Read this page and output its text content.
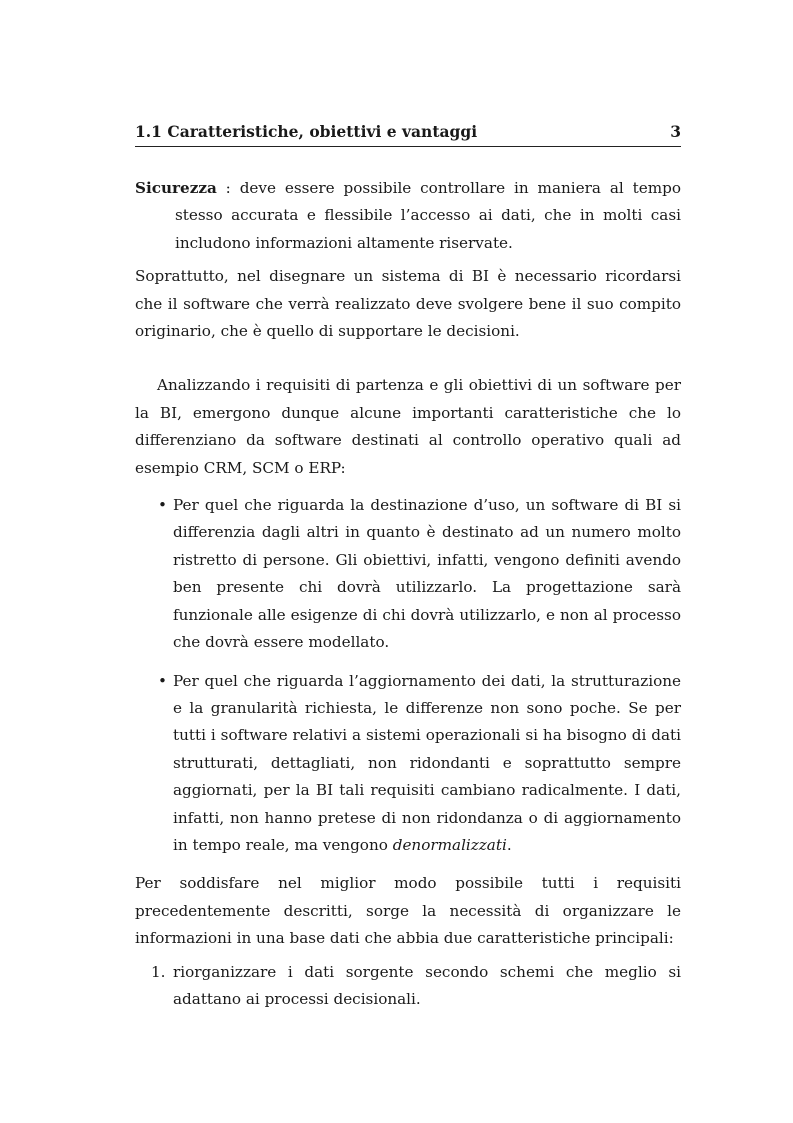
1.1 Caratteristiche, obiettivi e vantaggi	3
Sicurezza : deve essere possibile controllare in maniera al tempo stesso accurata e flessibile l’accesso ai dati, che in molti casi includono informazioni altamente riservate.

Soprattutto, nel disegnare un sistema di BI è necessario ricordarsi che il software che verrà realizzato deve svolgere bene il suo compito originario, che è quello di supportare le decisioni.

Analizzando i requisiti di partenza e gli obiettivi di un software per la BI, emergono dunque alcune importanti caratteristiche che lo differenziano da software destinati al controllo operativo quali ad esempio CRM, SCM o ERP:

• Per quel che riguarda la destinazione d’uso, un software di BI si differenzia dagli altri in quanto è destinato ad un numero molto ristretto di persone. Gli obiettivi, infatti, vengono definiti avendo ben presente chi dovrà utilizzarlo. La progettazione sarà funzionale alle esigenze di chi dovrà utilizzarlo, e non al processo che dovrà essere modellato.
• Per quel che riguarda l’aggiornamento dei dati, la strutturazione e la granularità richiesta, le differenze non sono poche. Se per tutti i software relativi a sistemi operazionali si ha bisogno di dati strutturati, dettagliati, non ridondanti e soprattutto sempre aggiornati, per la BI tali requisiti cambiano radicalmente. I dati, infatti, non hanno pretese di non ridondanza o di aggiornamento in tempo reale, ma vengono denormalizzati.

Per soddisfare nel miglior modo possibile tutti i requisiti precedentemente descritti, sorge la necessità di organizzare le informazioni in una base dati che abbia due caratteristiche principali:

1. riorganizzare i dati sorgente secondo schemi che meglio si adattano ai processi decisionali.
